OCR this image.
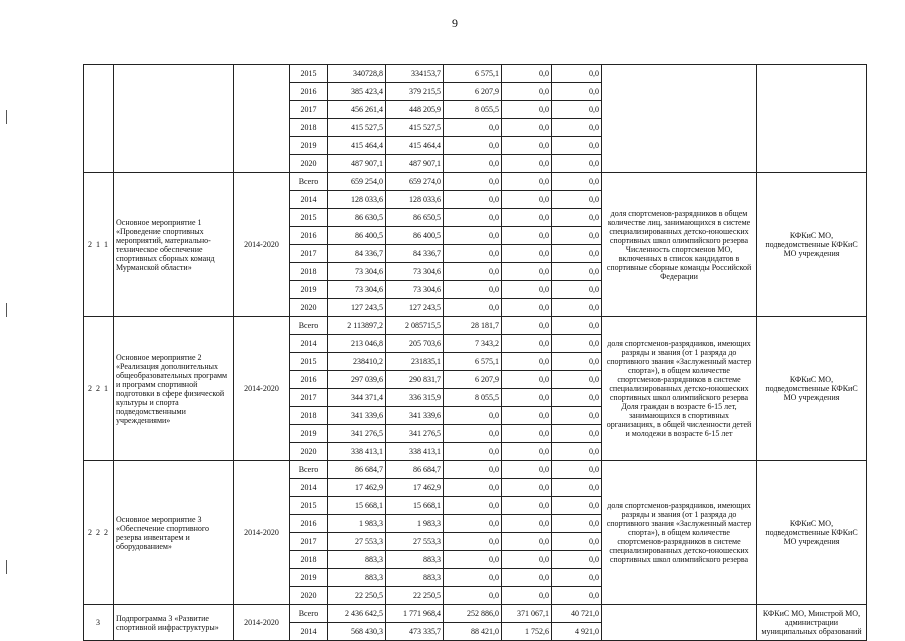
9
			2015	340728,8	334153,7	6 575,1	0,0	0,0		
			2016	385 423,4	379 215,5	6 207,9	0,0	0,0		
			2017	456 261,4	448 205,9	8 055,5	0,0	0,0		
			2018	415 527,5	415 527,5	0,0	0,0	0,0		
			2019	415 464,4	415 464,4	0,0	0,0	0,0		
			2020	487 907,1	487 907,1	0,0	0,0	0,0		
2 1 1	Основное мероприятие 1 «Проведение спортивных мероприятий, материально-техническое обеспечение спортивных сборных команд Мурманской области»	2014-2020	Всего	659 254,0	659 274,0	0,0	0,0	0,0	доля спортсменов-разрядников в общем количестве лиц, занимающихся в системе специализированных детско-юношеских спортивных школ олимпийского резерва Численность спортсменов МО, включенных в список кандидатов в спортивные сборные команды Российской Федерации	КФКиС МО, подведомственные КФКиС МО учреждения
			2014	128 033,6	128 033,6	0,0	0,0	0,0		
			2015	86 630,5	86 650,5	0,0	0,0	0,0		
			2016	86 400,5	86 400,5	0,0	0,0	0,0		
			2017	84 336,7	84 336,7	0,0	0,0	0,0		
			2018	73 304,6	73 304,6	0,0	0,0	0,0		
			2019	73 304,6	73 304,6	0,0	0,0	0,0		
			2020	127 243,5	127 243,5	0,0	0,0	0,0		
2 2 1	Основное мероприятие 2 «Реализация дополнительных общеобразовательных программ и программ спортивной подготовки в сфере физической культуры и спорта подведомственными учреждениями»	2014-2020	Всего	2 113897,2	2 085715,5	28 181,7	0,0	0,0	доля спортсменов-разрядников, имеющих разряды и звания (от 1 разряда до спортивного звания «Заслуженный мастер спорта»), в общем количестве спортсменов-разрядников в системе специализированных детско-юношеских спортивных школ олимпийского резерва Доля граждан в возрасте 6-15 лет, занимающихся в спортивных организациях, в общей численности детей и молодежи в возрасте 6-15 лет	КФКиС МО, подведомственные КФКиС МО учреждения
			2014	213 046,8	205 703,6	7 343,2	0,0	0,0		
			2015	238410,2	231835,1	6 575,1	0,0	0,0		
			2016	297 039,6	290 831,7	6 207,9	0,0	0,0		
			2017	344 371,4	336 315,9	8 055,5	0,0	0,0		
			2018	341 339,6	341 339,6	0,0	0,0	0,0		
			2019	341 276,5	341 276,5	0,0	0,0	0,0		
			2020	338 413,1	338 413,1	0,0	0,0	0,0		
2 2 2	Основное мероприятие 3 «Обеспечение спортивного резерва инвентарем и оборудованием»	2014-2020	Всего	86 684,7	86 684,7	0,0	0,0	0,0	доля спортсменов-разрядников, имеющих разряды и звания (от 1 разряда до спортивного звания «Заслуженный мастер спорта»), в общем количестве спортсменов-разрядников в системе специализированных детско-юношеских спортивных школ олимпийского резерва	КФКиС МО, подведомственные КФКиС МО учреждения
			2014	17 462,9	17 462,9	0,0	0,0	0,0		
			2015	15 668,1	15 668,1	0,0	0,0	0,0		
			2016	1 983,3	1 983,3	0,0	0,0	0,0		
			2017	27 553,3	27 553,3	0,0	0,0	0,0		
			2018	883,3	883,3	0,0	0,0	0,0		
			2019	883,3	883,3	0,0	0,0	0,0		
			2020	22 250,5	22 250,5	0,0	0,0	0,0		
3	Подпрограмма 3 «Развитие спортивной инфраструктуры»	2014-2020	Всего	2 436 642,5	1 771 968,4	252 886,0	371 067,1	40 721,0		КФКиС МО, Минстрой МО, администрации муниципальных образований
			2014	568 430,3	473 335,7	88 421,0	1 752,6	4 921,0		
